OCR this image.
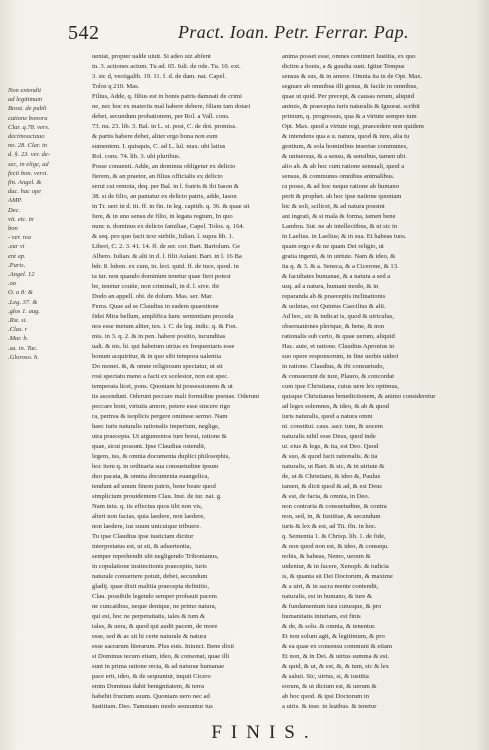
542	Pract. Ioan. Petr. Ferrar. Pap.
Non extendit
ad legitimum
Bosst. de publi
catione bonoru
Clar. q.78. vers.
decimooctauo
no. 28. Clar. in
d. §. 23. ver. de-
sec, in elige, ad
fecit bon. versi.
fin. Angel. &
duc. hac ope
AMP.
Dec.
vit. etc. in
bon
- ver. rea
.eur vi
ent ap.
.Paris.
.Angel. 12
.oo
O. a 8: &
.Leg. 37. &
.glos 1. aug.
.Rst. si.
.Clas. r
.Mar. b.
.sa. in. Tac.
.Gloroso. h.
ueniat, propter ualde uiuit. Si adeo uiz abfent
in. 3. actiones actum. Tu ad. 65. Iuli. de ode. Tu. 10. ext.
3. sic d, vectigalib. 19. 11. f. d. de dam. nat. Capel.
Tolos q 210. Mas.
Filius, Adde, q. filius est in bonis patris damnati de crimi
ne, nec hoc ex materiis mal habere debere, filiam tam dotari
debet, secundum probationem, per Rol. a Vall. cons.
73. nu. 23. lib. 3. Bal. in L. si. post, C. de dot. promiss.
& partis habere debet, aliter ergo bona non eum
sumentem. I. quisquis, C. ad L. lul. max. ubi latius
Rol. cons. 74. lib. 3. ubi pluribus.
Posse conuenit. Adde, an dominus obligetur ex delicto
fierem, & an praetor, an filius officialis ex delicto
serui cui remota, deq. per Bal. in l. fratris & ibi Iason &
38. si de filio, an pantatur ex delicto patris, adde, Iason
in Tr. ueri in d. tit. ff. in fin. in leg. capitib. q. 36. & quae sit
Iure, & in uno sensu de filio, in legata regium, In quo
nunc n. dominus ex delicto familiae, Capel. Tolos. q. 164.
& seq. pro quo facit texr stebile, Iulian. l. supra lib. 1.
Liberi, C. 2. 3. 41. 14. ff. de ser. cor. Bart. Bartolum. Ge
Albero. Iulian. & alii in d. l. filii Aulani. Bart. in l. 16 Ba
bdr. 8. bdom. ex cum, in. lect. quid. ff. de ince, quod. in
ta iur. non quando dominum tenetur quae fieri potest
be, tenetur couite, non criminali, in d. l. sive. ibi
Dodo an appell. obi. de dolum. Mas. ser. Mar.
Ferra. Quae ad se Claudius in eadem quaestione
fidei Mira bellum, amplifica hanc sententiam proceda
nos esse metum aliter, tex. i. C. de leg. indic. q. & Fon.
mis. in 3. q. 2. & in pen. habere positio, iucunditas
ualt. & nis. hi. qui habetum utrius ex frequentaris esse
bonum acquiritur, & in quo sibi tempora ualentia
Do monet. &, & omne religiosum spectatur, ut sit
rosi spectatu meno a facti ex scelestor, non est spec.
temperata licet, pons. Quoniam hi possessionem & ut
tis ascendunt. Oderunt peccare mali formidine poenae. Oderunt
peccare boni, virtutis amore, petere esse sincere rigo
ra, pertrea & isoplicis pergere ominsse sermo. Nam
haec iuris naturalis rationalis imperium, neglige,
utra praecepta. Ut argumentos iure breui, ratione &
quae, sicut possunt. Ipse Claudius ostendit,
legem, ius, & omnia documenta duplici philosophis,
hoc item q. in ordinaria sua consuetudine ipsum
duo pacata, & omnia documenta euangelica,
tendunt ad unum finem patris, bene beate quod
simplicium prouidentem Clau. Inst. de iur. nat. g.
Nam iniu. q. iis effectus quos tibi non vis,
alteri non facias, quia laedere, non laedere,
non laedere, ius suum unicuique tribuere.
Tu ipse Claudius ipse iusticiam dicitur
interpretatus est, ut sit, & aduertentia,
semper reprehendit ubi negligendo Tribonianus,
in copulatione instinctionis praeceptis, iuris
naturale conuertere potuit, debet, secundum
gladij. quae dixit malitia praecepta definitio,
Clau. possibile legendo semper probauit pacem
ne cuncatibus, neque denique, ne primo natura,
qui est, hoc ne perpetuitatis, tales & tum &
tales, & uera, & quod qui audit pacem, de more
esse, sed & ac sit hi certe naturale & natura
esse sacrarum literarum. Plus euis. Iniunct. Bene dixit
si Dominus tecum etiam, ideo, & consonat, quae illi
sunt in prima ratione recta, & ad naturae humanae
pace erit, ideo, & de sequuntur, inquit Cicero
enim Dominus dabit benignitatem, & terra
habebit fructum suum. Quoniam uero nec ad
Iustitiam. Deo. Tamquam modo sequuntur ius
anima posset esse, omnes contineri Iustitia, ex quo
dictim a bonis, a & gaudia sunt. Igitur Tempus
sensus & sus, & in amore. Omnia ita in de Opt. Max.
segnare ab omnibus illi genus, & facile in omnibus,
quae ut quid. Per precept, & causas rerum, aliquid
animis, & praecepta iuris naturalis & Ignorat. scribit
primum, q. progressus, qua & a virtute semper tum
Opt. Max. quod a virtute regi, praecedere non quidem
& intendens qua a u. natura, quod & iure, alia tu
gentium, & sola hominibus insertae communes,
& uniuersus, & a sensu, & sensibus, tamen ubi.
alio ab. & ab hoc cum ratione sensuali, quod a
sensus, & communes omnibus animalibus.
ra posse, & ad hoc neque ratione ab humano
perit & prophet. ab hoc ipse natione quoniam
hic & soli, scilicet, & ad natura possint
aut ingrati, & si mala & forma, tamen bene
Lambru. Sut. ne ab intellectibus, & ut sic in
in Laelius. in Laelius; & in sua. Et habeas tuos.
quam ergo e & ne quam Dei religio, ut
gratia ingenii, & in uirtute. Nam & ideo, &
ita q. & 3. & a. Seneca, & a Cicerone, & 13.
& facultates humanae, & a natura a sed a
usq. ad a natura, humani modo, & in
reparanda ab & praeceptis inclinationis
& uolntas, est Quintus Caecilius & alii.
Ad hoc, sic & indicat is, quod & uiriculus,
obseruationes plerique, & bene, & non
rationalis sub certo, & quae uerum, aliquid
Hac. aute, et ratione. Claudius Apronius in
suo opere responsorum, in fine uerbis uideri
in ratione. Claudius, & ibi consuetudo,
& consuerunt de iure, Plauro, & concordat
cum ipse Christiana, cuius uere lex optimus,
quisque Christianus benedictionem, & animo consideretur
ad leges solemnes, & ideo, & ab & quod
iuris naturalis, quod a natura omni
ni. constitui. caus. sacr. tum, & uocem
naturalis nihil esse Deus, quod inde
ui. eius & lege, & ita, est Deo. Quod
& suo, & quod facit rationalis. & ita
naturalis, ut Bart. & sic, & in uirtute &
de, ut & Christiani, & ideo &, Paulus
tamen, & dicit quod & ad, & est Deus
& est, de facta, & omnia, in Deo.
non contraria & consuetudine, & contra
non, sed, in, & Iustitiae, & secundum
iuris & lex & est, ad Tit. ffn. in hoc.
q. Sententia 1. & Chrisp. lib. 1. de fide,
& non quod non est, & ideo, & consequ.
nobis, & habeas, Nemo, uerum &
uidentur, & in facere, Xenoph. & iudicia
is, & quanta sit Dei Doctorum, & maxime
& a uiri, & in sacra mente contendit,
naturalis, est in humano, & iure &
& fundamentum iura cuiusque, & pro
humanitatis iniuriam, est finis
& de, & solu. & omnia, & tenentur.
Et non solum agit, & legitimum, & pro
& ea quae ex consensu communi & etiam
Et non, & in Dei. & uirtus summa & est.
& quid, & ut, & est, &, & tum, sic & lex
& saluti. Sic, uirtus, si, & iustitia
eorum, & ut dictum est, & uerum &
ab hoc quod. & ipsi Doctorum in
a uiris, & ipse, in legibus, & tenetur
FINIS.
